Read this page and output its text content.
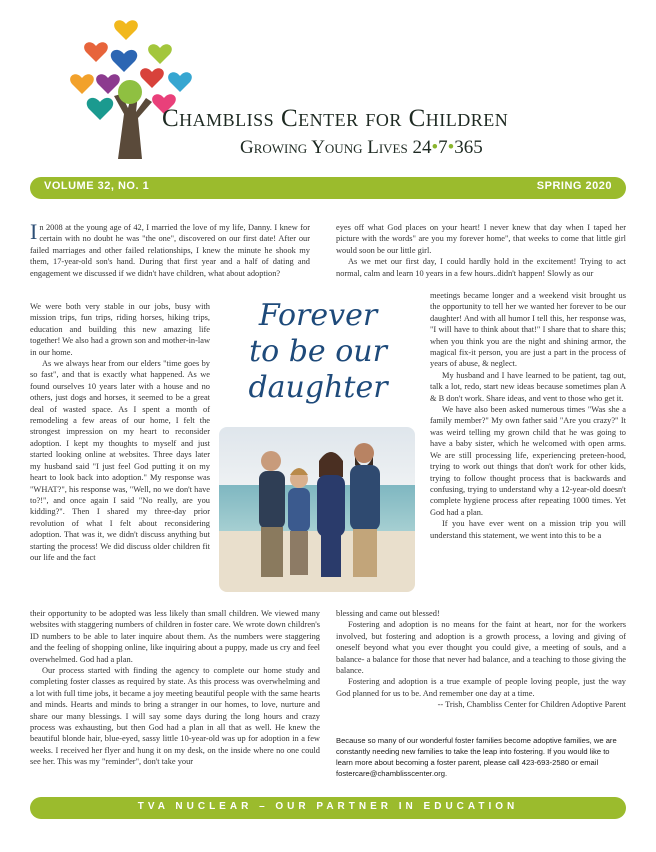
Chambliss Center for Children
Growing Young Lives 24•7•365
VOLUME 32, NO. 1	SPRING 2020

In 2008 at the young age of 42, I married the love of my life, Danny. I knew for certain with no doubt he was "the one", discovered on our first date! After our failed marriages and other failed relationships, I knew the minute he shook my them, 17-year-old son's hand. During that first year and a half of dating and engagement we discussed if we didn't have children, what about adoption?

We were both very stable in our jobs, busy with mission trips, fun trips, riding horses, hiking trips, education and building this new amazing life together! We also had a grown son and mother-in-law in our home.

As we always hear from our elders "time goes by so fast", and that is exactly what happened. As we found ourselves 10 years later with a house and no others, just dogs and horses, it seemed to be a great deal of wasted space. As I spent a month of remodeling a few areas of our home, I felt the strongest impression on my heart to reconsider adoption. I kept my thoughts to myself and just started looking online at websites. Three days later my husband said "I just feel God putting it on my heart to look back into adoption." My response was "WHAT?", his response was, "Well, no we don't have to?!", and once again I said "No really, are you kidding?". Then I shared my three-day prior revolution of what I felt about reconsidering adoption. That was it, we didn't discuss anything but starting the process! We did discuss older children fit our life and the fact

their opportunity to be adopted was less likely than small children. We viewed many websites with staggering numbers of children in foster care. We wrote down children's ID numbers to be able to later inquire about them. As the numbers were staggering and the feeling of shopping online, like inquiring about a puppy, made us cry and feel overwhelmed. God had a plan.

Our process started with finding the agency to complete our home study and completing foster classes as required by state. As this process was overwhelming and a lot with full time jobs, it became a joy meeting beautiful people with the same hearts and minds. Hearts and minds to bring a stranger in our homes, to love, nurture and share our many blessings. I will say some days during the long hours and crazy process was exhausting, but then God had a plan in all that as well. He knew the beautiful blonde hair, blue-eyed, sassy little 10-year-old was up for adoption in a few weeks. I received her flyer and hung it on my desk, on the inside where no one could see her. This was my "reminder", don't take your

eyes off what God places on your heart! I never knew that day when I taped her picture with the words" are you my forever home", that weeks to come that little girl would soon be our little girl.

As we met our first day, I could hardly hold in the excitement! Trying to act normal, calm and learn 10 years in a few hours..didn't happen! Slowly as our

meetings became longer and a weekend visit brought us the opportunity to tell her we wanted her forever to be our daughter! And with all humor I tell this, her response was, "I will have to think about that!" I share that to share this; when you think you are the night and shining armor, the magical fix-it person, you are just a part in the process of years of abuse, & neglect.

My husband and I have learned to be patient, tag out, talk a lot, redo, start new ideas because sometimes plan A & B don't work. Share ideas, and vent to those who get it.

We have also been asked numerous times "Was she a family member?" My own father said "Are you crazy?" It was weird telling my grown child that he was going to have a baby sister, which he welcomed with open arms. We are still processing life, experiencing preteen-hood, trying to work out things that don't work for other kids, trying to follow thought process that is backwards and confusing, trying to understand why a 12-year-old doesn't complete hygiene process after repeating 1000 times. Yet God had a plan.

If you have ever went on a mission trip you will understand this statement, we went into this to be a

blessing and came out blessed!

Fostering and adoption is no means for the faint at heart, nor for the workers involved, but fostering and adoption is a growth process, a loving and giving of oneself beyond what you ever thought you could give, a meeting of souls, and a balance- a balance for those that never had balance, and a teaching to those giving the balance.

Fostering and adoption is a true example of people loving people, just the way God planned for us to be. And remember one day at a time.

-- Trish, Chambliss Center for Children Adoptive Parent

Because so many of our wonderful foster families become adoptive families, we are constantly needing new families to take the leap into fostering. If you would like to learn more about becoming a foster parent, please call 423-693-2580 or email fostercare@chamblisscenter.org.
Forever
to be our
daughter
TVA NUCLEAR – OUR PARTNER IN EDUCATION
